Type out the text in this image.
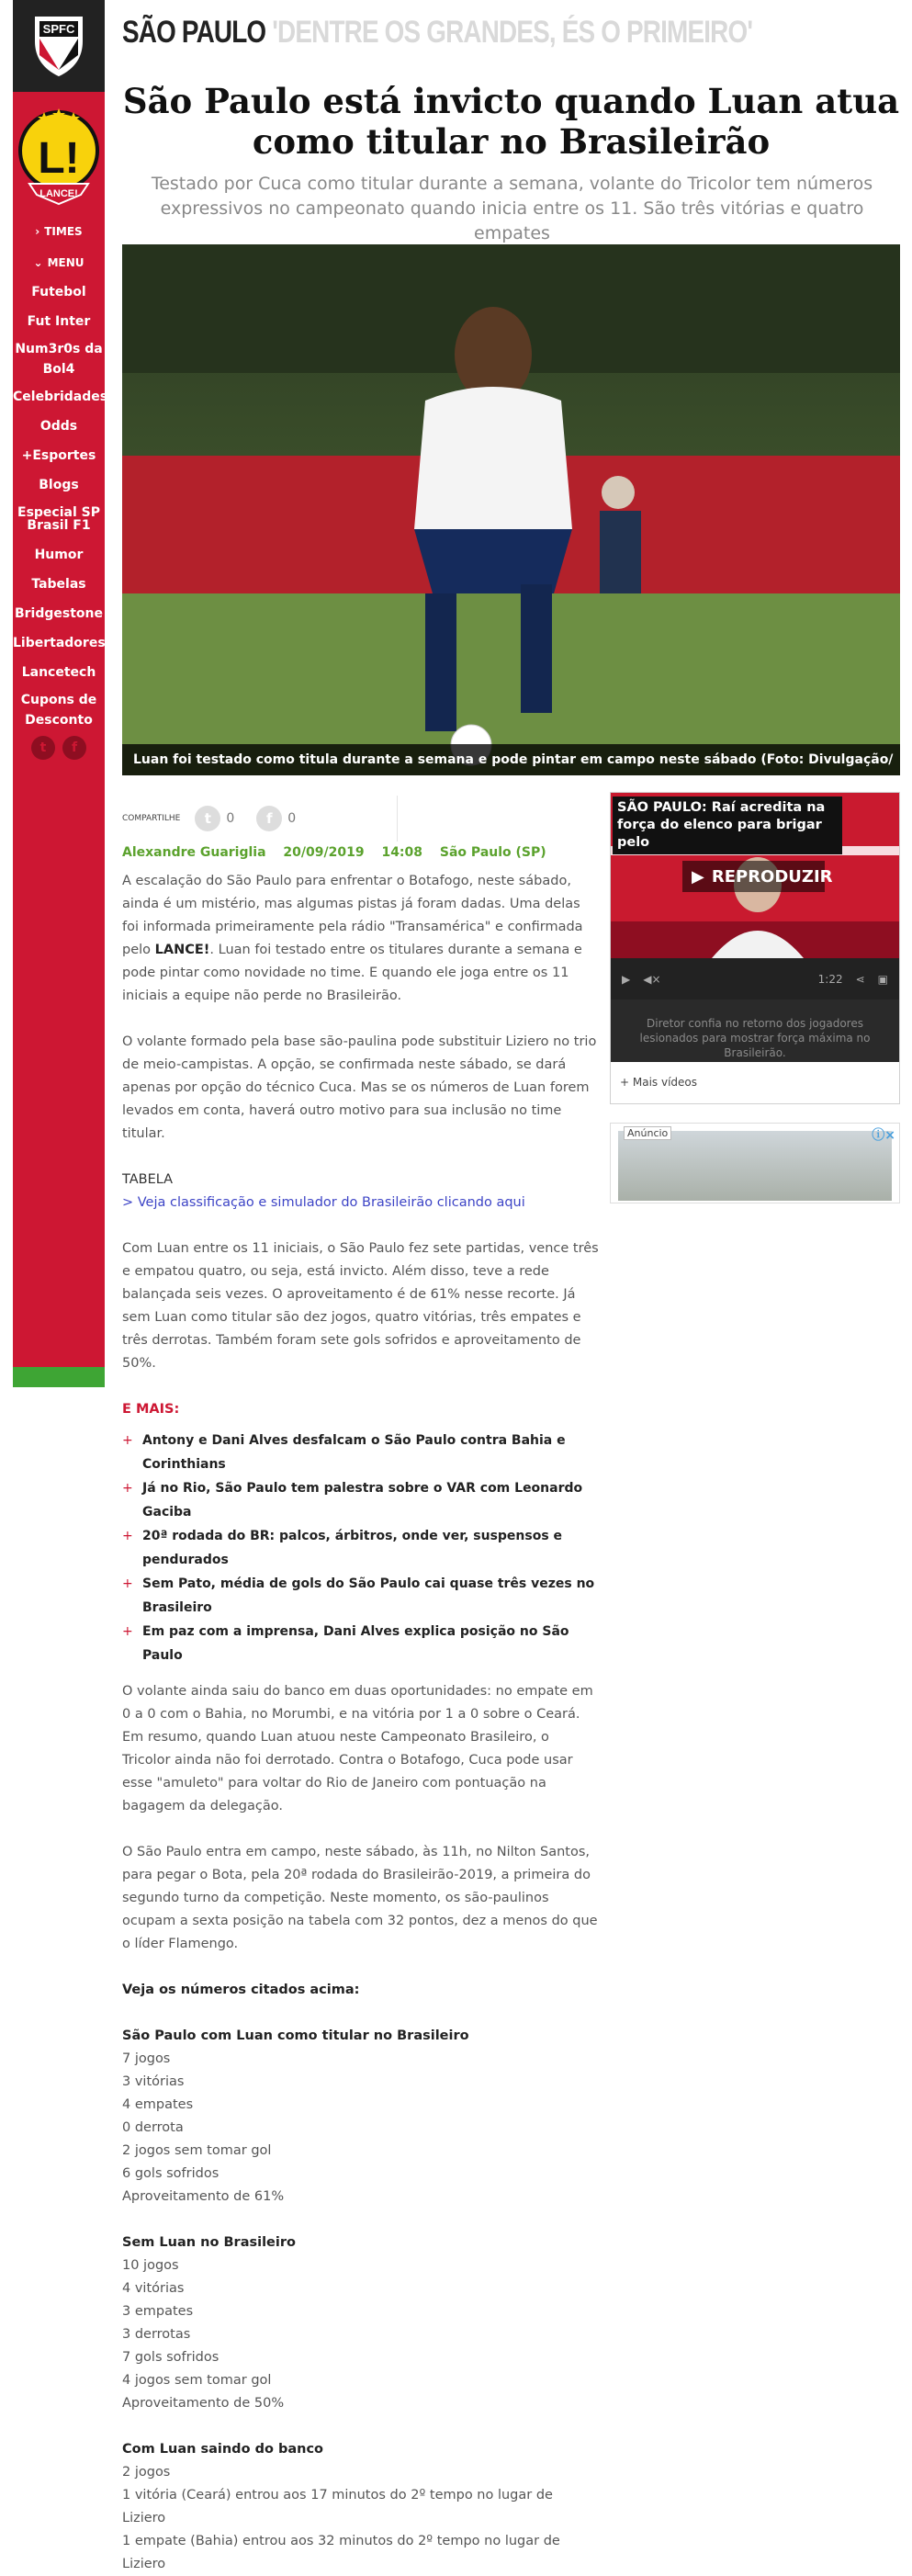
SPFC
L!
LANCE!
› TIMES
⌄ MENU
Futebol
Fut Inter
Num3r0s da Bol4
Celebridades
Odds
+Esportes
Blogs
Especial SP
Brasil F1
Humor
Tabelas
Bridgestone
Libertadores
Lancetech
Cupons de Desconto
t	f
SÃO PAULO 'DENTRE OS GRANDES, ÉS O PRIMEIRO'
São Paulo está invicto quando Luan atua como titular no Brasileirão

Testado por Cuca como titular durante a semana, volante do Tricolor tem números expressivos no campeonato quando inicia entre os 11. São três vitórias e quatro empates

Luan foi testado como titula durante a semana e pode pintar em campo neste sábado (Foto: Divulgação/ São Paulo)
COMPARTILHE	t	0	f	0
Alexandre Guariglia 20/09/2019 14:08 São Paulo (SP)

A escalação do São Paulo para enfrentar o Botafogo, neste sábado, ainda é um mistério, mas algumas pistas já foram dadas. Uma delas foi informada primeiramente pela rádio "Transamérica" e confirmada pelo LANCE!. Luan foi testado entre os titulares durante a semana e pode pintar como novidade no time. E quando ele joga entre os 11 iniciais a equipe não perde no Brasileirão.

O volante formado pela base são-paulina pode substituir Liziero no trio de meio-campistas. A opção, se confirmada neste sábado, se dará apenas por opção do técnico Cuca. Mas se os números de Luan forem levados em conta, haverá outro motivo para sua inclusão no time titular.

TABELA

> Veja classificação e simulador do Brasileirão clicando aqui

Com Luan entre os 11 iniciais, o São Paulo fez sete partidas, vence três e empatou quatro, ou seja, está invicto. Além disso, teve a rede balançada seis vezes. O aproveitamento é de 61% nesse recorte. Já sem Luan como titular são dez jogos, quatro vitórias, três empates e três derrotas. Também foram sete gols sofridos e aproveitamento de 50%.

E MAIS:

+ Antony e Dani Alves desfalcam o São Paulo contra Bahia e Corinthians
+ Já no Rio, São Paulo tem palestra sobre o VAR com Leonardo Gaciba
+ 20ª rodada do BR: palcos, árbitros, onde ver, suspensos e pendurados
+ Sem Pato, média de gols do São Paulo cai quase três vezes no Brasileiro
+ Em paz com a imprensa, Dani Alves explica posição no São Paulo

O volante ainda saiu do banco em duas oportunidades: no empate em 0 a 0 com o Bahia, no Morumbi, e na vitória por 1 a 0 sobre o Ceará. Em resumo, quando Luan atuou neste Campeonato Brasileiro, o Tricolor ainda não foi derrotado. Contra o Botafogo, Cuca pode usar esse "amuleto" para voltar do Rio de Janeiro com pontuação na bagagem da delegação.

O São Paulo entra em campo, neste sábado, às 11h, no Nilton Santos, para pegar o Bota, pela 20ª rodada do Brasileirão-2019, a primeira do segundo turno da competição. Neste momento, os são-paulinos ocupam a sexta posição na tabela com 32 pontos, dez a menos do que o líder Flamengo.

Veja os números citados acima:

São Paulo com Luan como titular no Brasileiro
7 jogos
3 vitórias
4 empates
0 derrota
2 jogos sem tomar gol
6 gols sofridos
Aproveitamento de 61%
Sem Luan no Brasileiro
10 jogos
4 vitórias
3 empates
3 derrotas
7 gols sofridos
4 jogos sem tomar gol
Aproveitamento de 50%
Com Luan saindo do banco
2 jogos
1 vitória (Ceará) entrou aos 17 minutos do 2º tempo no lugar de Liziero
1 empate (Bahia) entrou aos 32 minutos do 2º tempo no lugar de Liziero
SÃO PAULO: Raí acredita na força do elenco para brigar pelo
▶ REPRODUZIR
▶ ◀×	1:22 ⋖ ▣
Diretor confia no retorno dos jogadores lesionados para mostrar força máxima no Brasileirão.
+ Mais vídeos
Anúncio	ⓘ×
